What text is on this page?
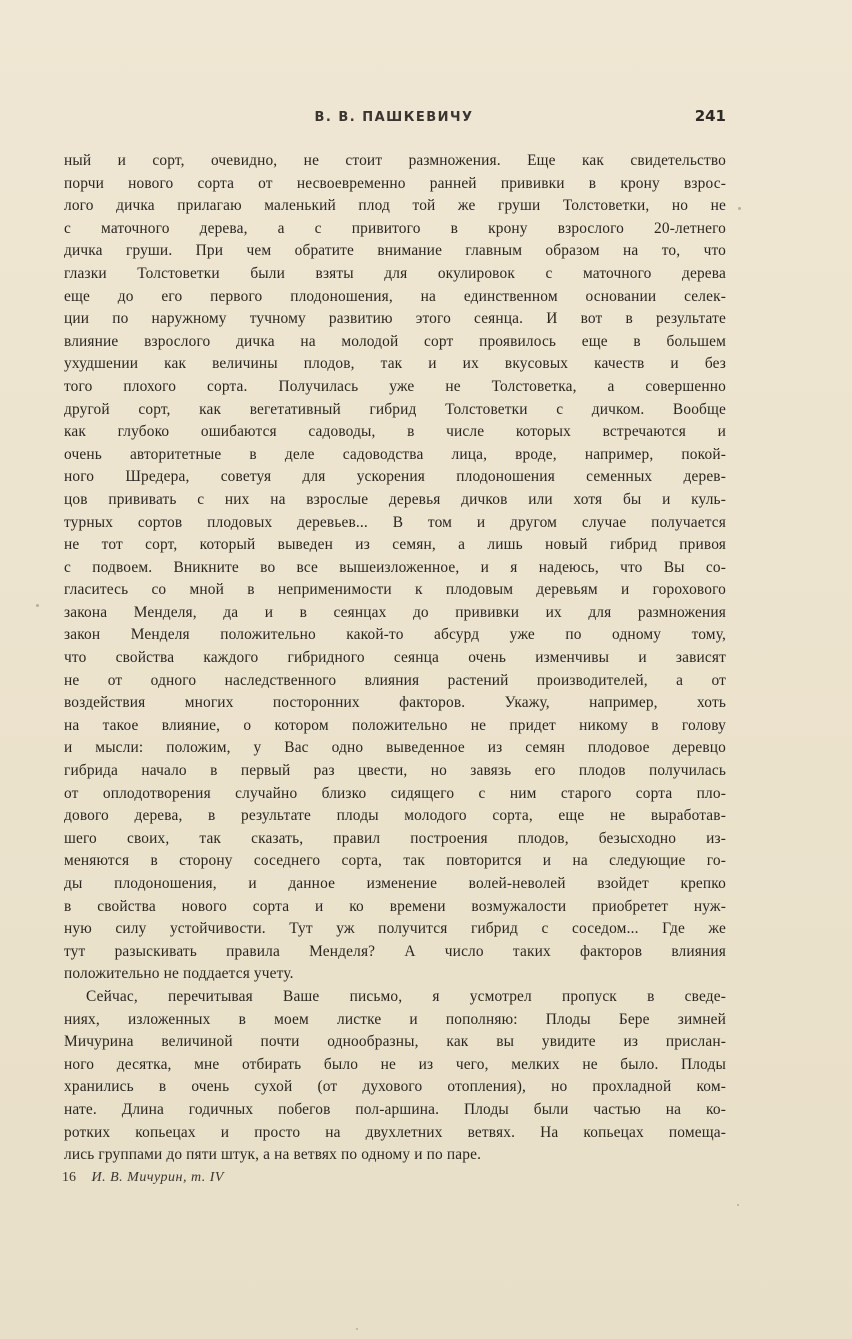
В. В. ПАШКЕВИЧУ	241
ный и сорт, очевидно, не стоит размножения. Еще как свидетельство
порчи нового сорта от несвоевременно ранней прививки в крону взрос-
лого дичка прилагаю маленький плод той же груши Толстоветки, но не
с маточного дерева, а с привитого в крону взрослого 20-летнего
дичка груши. При чем обратите внимание главным образом на то, что
глазки Толстоветки были взяты для окулировок с маточного дерева
еще до его первого плодоношения, на единственном основании селек-
ции по наружному тучному развитию этого сеянца. И вот в результате
влияние взрослого дичка на молодой сорт проявилось еще в большем
ухудшении как величины плодов, так и их вкусовых качеств и без
того плохого сорта. Получилась уже не Толстоветка, а совершенно
другой сорт, как вегетативный гибрид Толстоветки с дичком. Вообще
как глубоко ошибаются садоводы, в числе которых встречаются и
очень авторитетные в деле садоводства лица, вроде, например, покой-
ного Шредера, советуя для ускорения плодоношения семенных дерев-
цов прививать с них на взрослые деревья дичков или хотя бы и куль-
турных сортов плодовых деревьев... В том и другом случае получается
не тот сорт, который выведен из семян, а лишь новый гибрид привоя
с подвоем. Вникните во все вышеизложенное, и я надеюсь, что Вы со-
гласитесь со мной в неприменимости к плодовым деревьям и горохового
закона Менделя, да и в сеянцах до прививки их для размножения
закон Менделя положительно какой-то абсурд уже по одному тому,
что свойства каждого гибридного сеянца очень изменчивы и зависят
не от одного наследственного влияния растений производителей, а от
воздействия многих посторонних факторов. Укажу, например, хоть
на такое влияние, о котором положительно не придет никому в голову
и мысли: положим, у Вас одно выведенное из семян плодовое деревцо
гибрида начало в первый раз цвести, но завязь его плодов получилась
от оплодотворения случайно близко сидящего с ним старого сорта пло-
дового дерева, в результате плоды молодого сорта, еще не выработав-
шего своих, так сказать, правил построения плодов, безысходно из-
меняются в сторону соседнего сорта, так повторится и на следующие го-
ды плодоношения, и данное изменение волей-неволей взойдет крепко
в свойства нового сорта и ко времени возмужалости приобретет нуж-
ную силу устойчивости. Тут уж получится гибрид с соседом... Где же
тут разыскивать правила Менделя? А число таких факторов влияния
положительно не поддается учету.
Сейчас, перечитывая Ваше письмо, я усмотрел пропуск в сведе-
ниях, изложенных в моем листке и пополняю: Плоды Бере зимней
Мичурина величиной почти однообразны, как вы увидите из прислан-
ного десятка, мне отбирать было не из чего, мелких не было. Плоды
хранились в очень сухой (от духового отопления), но прохладной ком-
нате. Длина годичных побегов пол-аршина. Плоды были частью на ко-
ротких копьецах и просто на двухлетних ветвях. На копьецах помеща-
лись группами до пяти штук, а на ветвях по одному и по паре.
16 И. В. Мичурин, т. IV
